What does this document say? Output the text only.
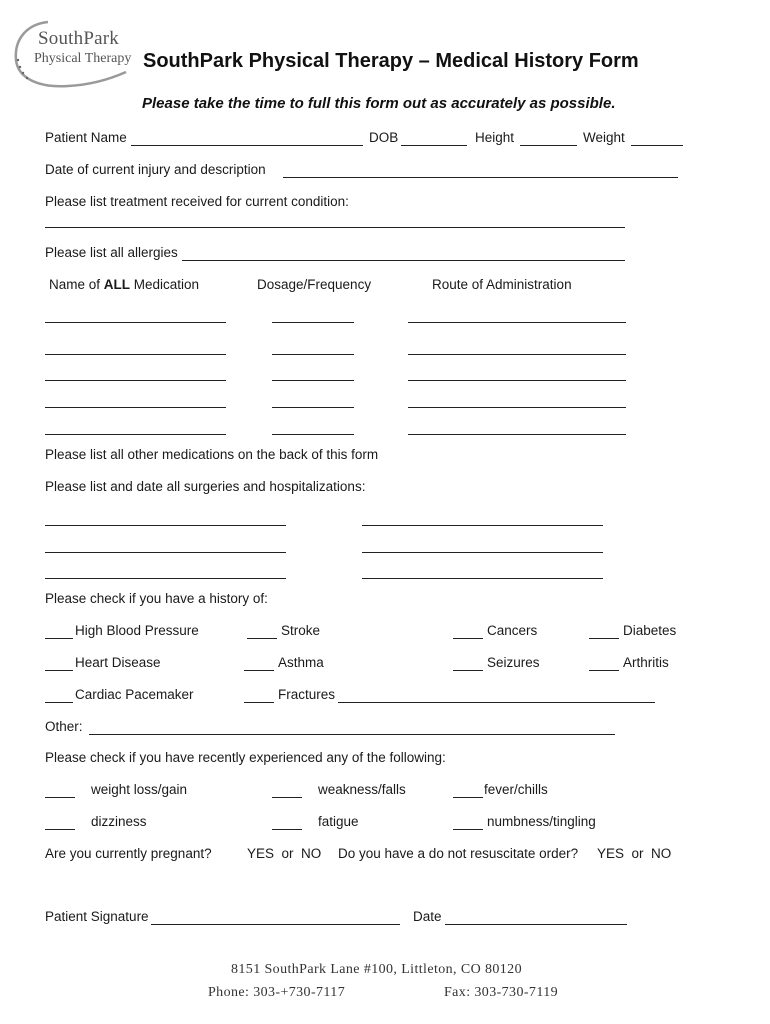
SouthPark
Physical Therapy SouthPark Physical Therapy – Medical History Form
Please take the time to full this form out as accurately as possible.
Patient Name	DOB	Height	Weight
Date of current injury and description
Please list treatment received for current condition:
Please list all allergies
Name of ALL Medication	Dosage/Frequency	Route of Administration
Please list all other medications on the back of this form
Please list and date all surgeries and hospitalizations:
Please check if you have a history of:
High Blood Pressure	Stroke	Cancers	Diabetes
Heart Disease	Asthma	Seizures	Arthritis
Cardiac Pacemaker	Fractures
Other:
Please check if you have recently experienced any of the following:
weight loss/gain	weakness/falls	fever/chills
dizziness	fatigue	numbness/tingling
Are you currently pregnant?	YES  or  NO Do you have a do not resuscitate order? YES  or  NO
Patient Signature	Date
8151 SouthPark Lane #100, Littleton, CO 80120
Phone: 303-+730-7117	Fax: 303-730-7119
